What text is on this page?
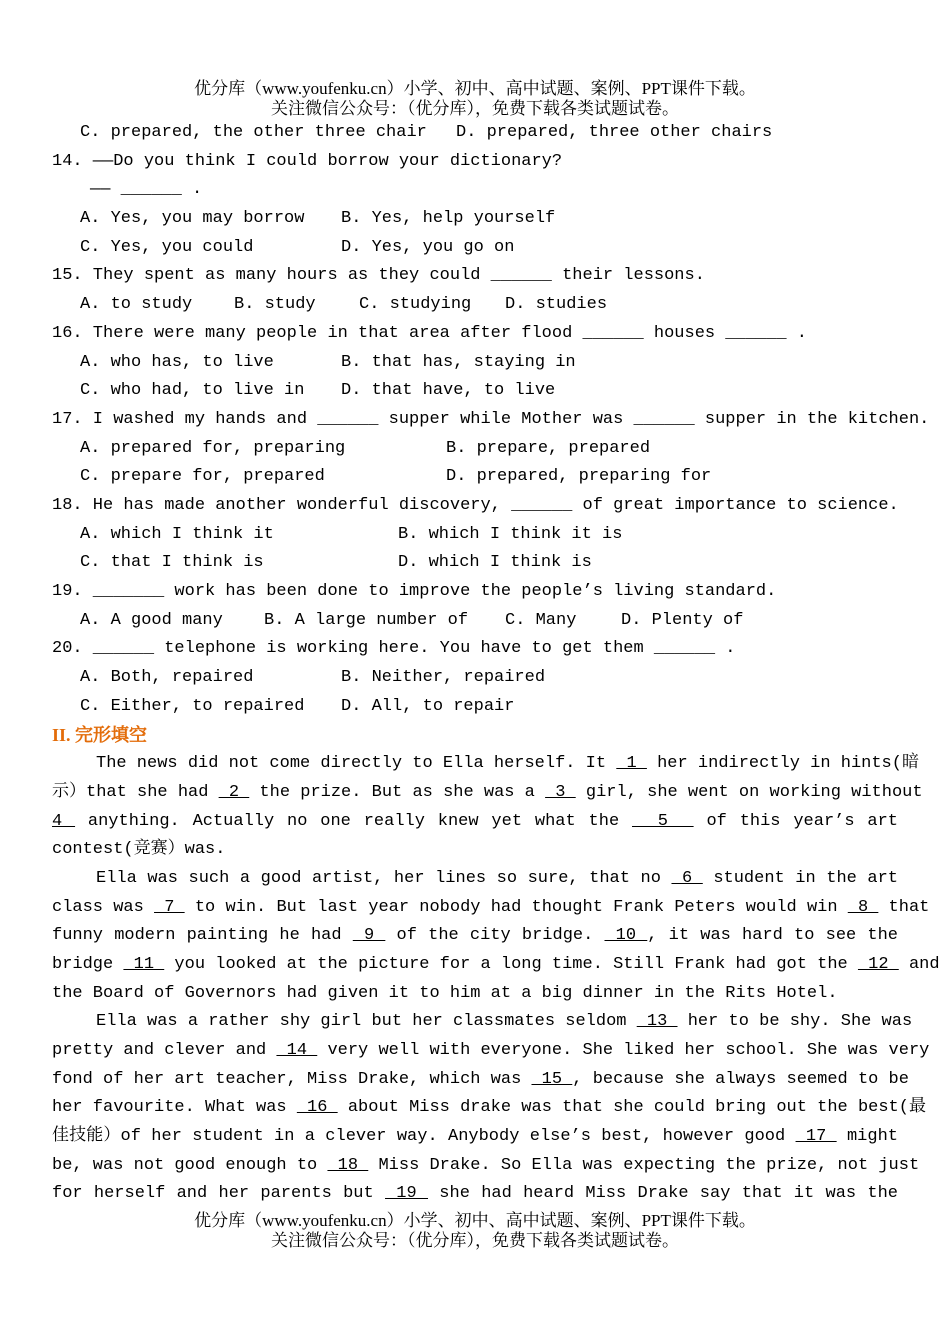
优分库（www.youfenku.cn）小学、初中、高中试题、案例、PPT课件下载。
关注微信公众号：（优分库），免费下载各类试题试卷。

C. prepared, the other three chair

D. prepared, three other chairs

14. ——Do you think I could borrow your dictionary?
—— ______ .

A. Yes, you may borrow

B. Yes, help yourself

C. Yes, you could

	D. Yes, you go on

15. They spent as many hours as they could ______ their lessons.

A. to study

B. study

	C. studying

D. studies

16. There were many people in that area after flood ______ houses ______ .

A. who has, to live

	B. that has, staying in

C. who had, to live in

D. that have, to live

17. I washed my hands and ______ supper while Mother was ______ supper in the kitchen.

A. prepared for, preparing

	B. prepare, prepared

C. prepare for, prepared

	D. prepared, preparing for

18. He has made another wonderful discovery, ______ of great importance to science.

A. which I think it

	B. which I think it is

C. that I think is

	D. which I think is

19. _______ work has been done to improve the people’s living standard.

A. A good many

B. A large number of

C. Many

	D. Plenty of

20. ______ telephone is working here. You have to get them ______ .

A. Both, repaired

	B. Neither, repaired

C. Either, to repaired

D. All, to repair

II. 完形填空
The news did not come directly to Ella herself. It  1  her indirectly in hints(暗
示）that she had  2  the prize. But as she was a  3  girl, she went on working without
4  anything. Actually no one really knew yet what the   5   of this year’s art
contest(竞赛）was.
Ella was such a good artist, her lines so sure, that no  6  student in the art
class was  7  to win. But last year nobody had thought Frank Peters would win  8  that
funny modern painting he had  9  of the city bridge.  10 , it was hard to see the
bridge  11  you looked at the picture for a long time. Still Frank had got the  12  and
the Board of Governors had given it to him at a big dinner in the Rits Hotel.
Ella was a rather shy girl but her classmates seldom  13  her to be shy. She was
pretty and clever and  14  very well with everyone. She liked her school. She was very
fond of her art teacher, Miss Drake, which was  15 , because she always seemed to be
her favourite. What was  16  about Miss drake was that she could bring out the best(最
佳技能）of her student in a clever way. Anybody else’s best, however good  17  might
be, was not good enough to  18  Miss Drake. So Ella was expecting the prize, not just
for herself and her parents but  19  she had heard Miss Drake say that it was the
优分库（www.youfenku.cn）小学、初中、高中试题、案例、PPT课件下载。
关注微信公众号：（优分库），免费下载各类试题试卷。
